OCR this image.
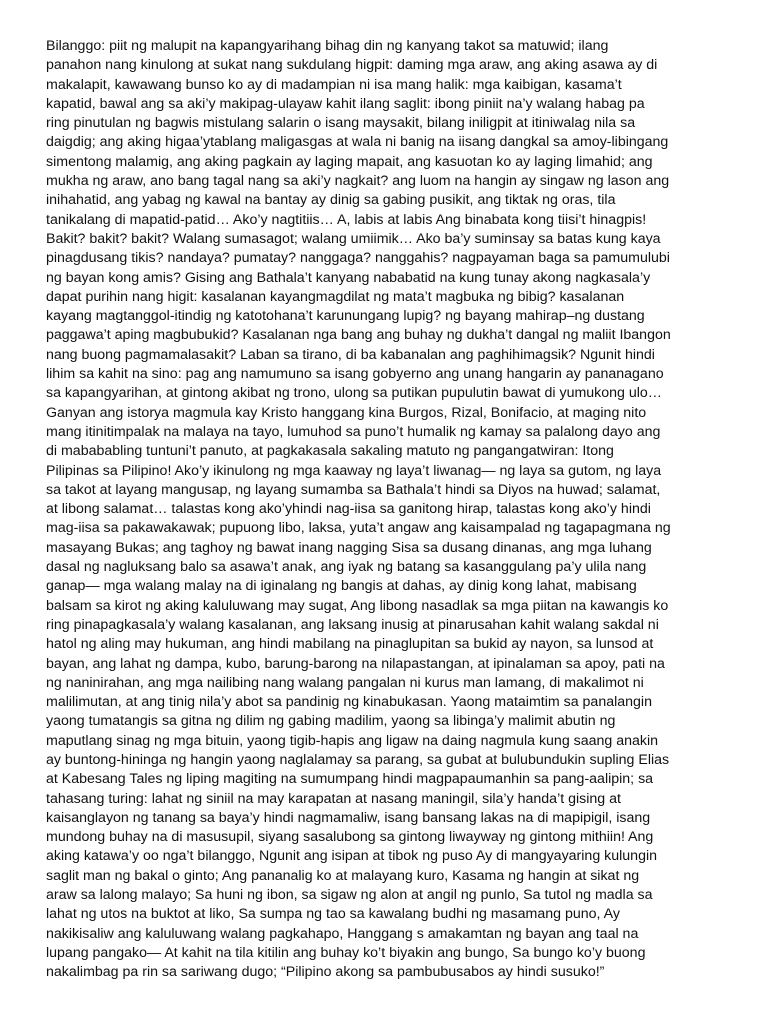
Bilanggo: piit ng malupit na kapangyarihang bihag din ng kanyang takot sa matuwid; ilang
panahon nang kinulong at sukat nang sukdulang higpit: daming mga araw, ang aking asawa ay di
makalapit, kawawang bunso ko ay di madampian ni isa mang halik: mga kaibigan, kasama’t
kapatid, bawal ang sa aki’y makipag-ulayaw kahit ilang saglit: ibong piniit na’y walang habag pa
ring pinutulan ng bagwis mistulang salarin o isang maysakit, bilang iniligpit at itiniwalag nila sa
daigdig; ang aking higaa’ytablang maligasgas at wala ni banig na iisang dangkal sa amoy-libingang
simentong malamig, ang aking pagkain ay laging mapait, ang kasuotan ko ay laging limahid; ang
mukha ng araw, ano bang tagal nang sa aki’y nagkait? ang luom na hangin ay singaw ng lason ang
inihahatid, ang yabag ng kawal na bantay ay dinig sa gabing pusikit, ang tiktak ng oras, tila
tanikalang di mapatid-patid… Ako’y nagtitiis… A, labis at labis Ang binabata kong tiisi’t hinagpis!
Bakit? bakit? bakit? Walang sumasagot; walang umiimik… Ako ba’y suminsay sa batas kung kaya
pinagdusang tikis? nandaya? pumatay? nanggaga? nanggahis? nagpayaman baga sa pamumulubi
ng bayan kong amis? Gising ang Bathala’t kanyang nababatid na kung tunay akong nagkasala’y
dapat purihin nang higit: kasalanan kayangmagdilat ng mata’t magbuka ng bibig? kasalanan
kayang magtanggol-itindig ng katotohana’t karunungang lupig? ng bayang mahirap–ng dustang
paggawa’t aping magbubukid? Kasalanan nga bang ang buhay ng dukha’t dangal ng maliit Ibangon
nang buong pagmamalasakit? Laban sa tirano, di ba kabanalan ang paghihimagsik? Ngunit hindi
lihim sa kahit na sino: pag ang namumuno sa isang gobyerno ang unang hangarin ay pananagano
sa kapangyarihan, at gintong akibat ng trono, ulong sa putikan pupulutin bawat di yumukong ulo…
Ganyan ang istorya magmula kay Kristo hanggang kina Burgos, Rizal, Bonifacio, at maging nito
mang itinitimpalak na malaya na tayo, lumuhod sa puno’t humalik ng kamay sa palalong dayo ang
di mabababling tuntuni’t panuto, at pagkakasala sakaling matuto ng pangangatwiran: Itong
Pilipinas sa Pilipino! Ako’y ikinulong ng mga kaaway ng laya’t liwanag— ng laya sa gutom, ng laya
sa takot at layang mangusap, ng layang sumamba sa Bathala’t hindi sa Diyos na huwad; salamat,
at libong salamat… talastas kong ako’yhindi nag-iisa sa ganitong hirap, talastas kong ako’y hindi
mag-iisa sa pakawakawak; pupuong libo, laksa, yuta’t angaw ang kaisampalad ng tagapagmana ng
masayang Bukas; ang taghoy ng bawat inang nagging Sisa sa dusang dinanas, ang mga luhang
dasal ng nagluksang balo sa asawa’t anak, ang iyak ng batang sa kasanggulang pa’y ulila nang
ganap— mga walang malay na di iginalang ng bangis at dahas, ay dinig kong lahat, mabisang
balsam sa kirot ng aking kaluluwang may sugat, Ang libong nasadlak sa mga piitan na kawangis ko
ring pinapagkasala’y walang kasalanan, ang laksang inusig at pinarusahan kahit walang sakdal ni
hatol ng aling may hukuman, ang hindi mabilang na pinaglupitan sa bukid ay nayon, sa lunsod at
bayan, ang lahat ng dampa, kubo, barung-barong na nilapastangan, at ipinalaman sa apoy, pati na
ng naninirahan, ang mga nailibing nang walang pangalan ni kurus man lamang, di makalimot ni
malilimutan, at ang tinig nila’y abot sa pandinig ng kinabukasan. Yaong mataimtim sa panalangin
yaong tumatangis sa gitna ng dilim ng gabing madilim, yaong sa libinga’y malimit abutin ng
maputlang sinag ng mga bituin, yaong tigib-hapis ang ligaw na daing nagmula kung saang anakin
ay buntong-hininga ng hangin yaong naglalamay sa parang, sa gubat at bulubundukin supling Elias
at Kabesang Tales ng liping magiting na sumumpang hindi magpapaumanhin sa pang-aalipin; sa
tahasang turing: lahat ng siniil na may karapatan at nasang maningil, sila’y handa’t gising at
kaisanglayon ng tanang sa baya’y hindi nagmamaliw, isang bansang lakas na di mapipigil, isang
mundong buhay na di masusupil, siyang sasalubong sa gintong liwayway ng gintong mithiin! Ang
aking katawa’y oo nga’t bilanggo, Ngunit ang isipan at tibok ng puso Ay di mangyayaring kulungin
saglit man ng bakal o ginto; Ang pananalig ko at malayang kuro, Kasama ng hangin at sikat ng
araw sa lalong malayo; Sa huni ng ibon, sa sigaw ng alon at angil ng punlo, Sa tutol ng madla sa
lahat ng utos na buktot at liko, Sa sumpa ng tao sa kawalang budhi ng masamang puno, Ay
nakikisaliw ang kaluluwang walang pagkahapo, Hanggang s amakamtan ng bayan ang taal na
lupang pangako— At kahit na tila kitilin ang buhay ko’t biyakin ang bungo, Sa bungo ko’y buong
nakalimbag pa rin sa sariwang dugo; “Pilipino akong sa pambubusabos ay hindi susuko!”
